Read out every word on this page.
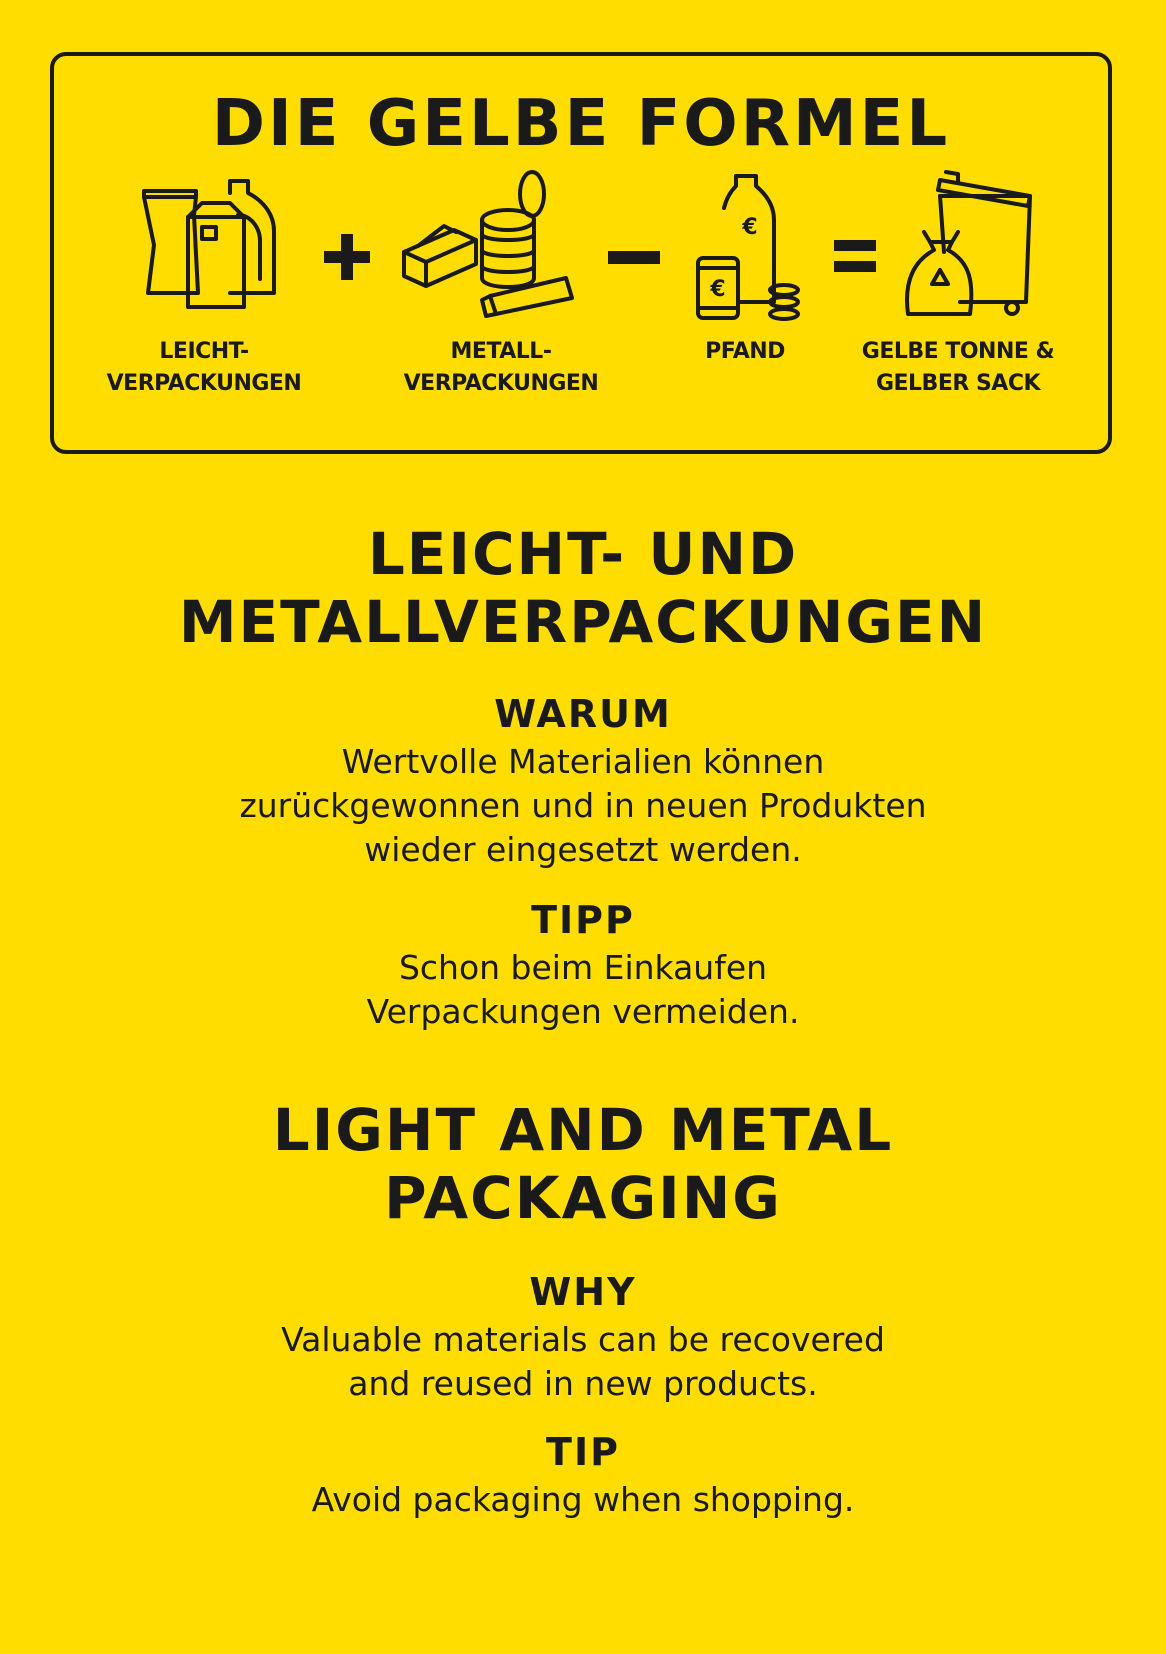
DIE GELBE FORMEL
€
€
LEICHT-
VERPACKUNGEN
METALL-
VERPACKUNGEN
PFAND	GELBE TONNE &
GELBER SACK
LEICHT- UND
METALLVERPACKUNGEN
WARUM
Wertvolle Materialien können
zurückgewonnen und in neuen Produkten
wieder eingesetzt werden.
TIPP
Schon beim Einkaufen
Verpackungen vermeiden.
LIGHT AND METAL
PACKAGING
WHY
Valuable materials can be recovered
and reused in new products.
TIP
Avoid packaging when shopping.
